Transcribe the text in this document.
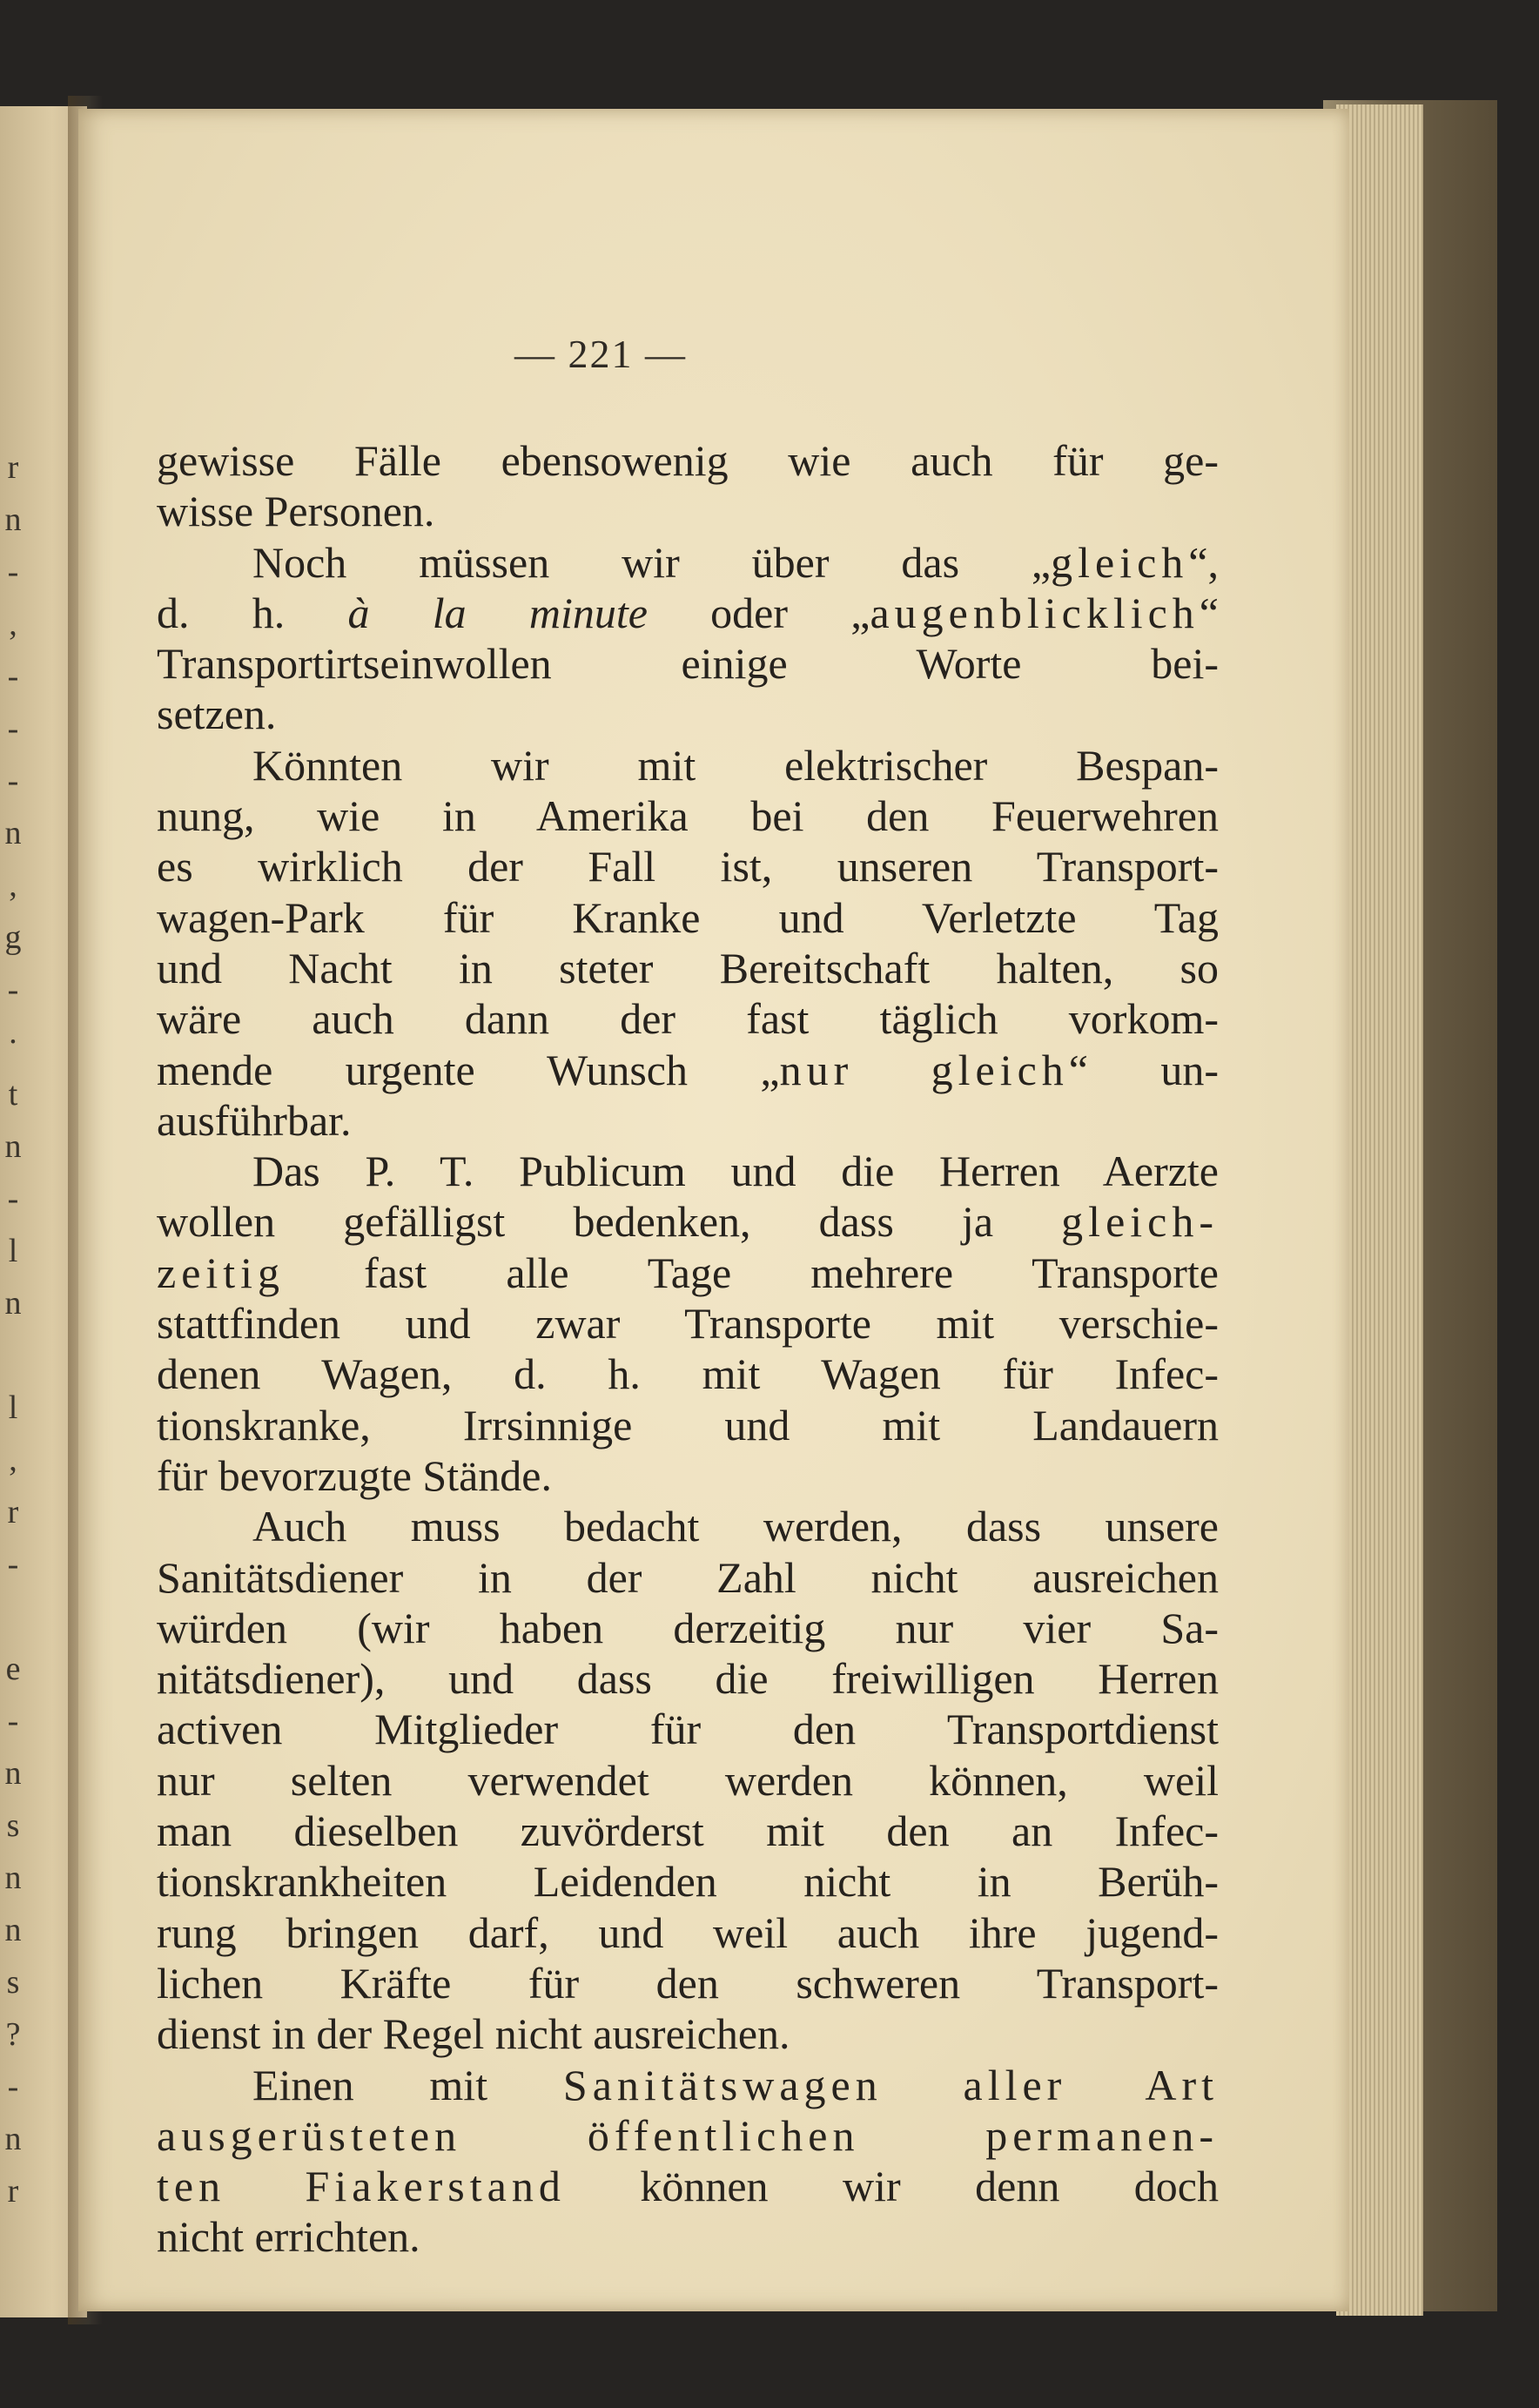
r
n
-
,
-
-
-
n
,
g
-
·
t
n
-
l
n
l
,
r
-
e
-
n
s
n
n
s
?
-
n
r
— 221 —
gewisse Fälle ebensowenig wie auch für ge-
wisse Personen.
Noch müssen wir über das „gleich“,
d. h. à la minute oder „augenblicklich“
Transportirtseinwollen einige Worte bei-
setzen.
Könnten wir mit elektrischer Bespan-
nung, wie in Amerika bei den Feuerwehren
es wirklich der Fall ist, unseren Transport-
wagen-Park für Kranke und Verletzte Tag
und Nacht in steter Bereitschaft halten, so
wäre auch dann der fast täglich vorkom-
mende urgente Wunsch „nur gleich“ un-
ausführbar.
Das P. T. Publicum und die Herren Aerzte
wollen gefälligst bedenken, dass ja gleich-
zeitig fast alle Tage mehrere Transporte
stattfinden und zwar Transporte mit verschie-
denen Wagen, d. h. mit Wagen für Infec-
tionskranke, Irrsinnige und mit Landauern
für bevorzugte Stände.
Auch muss bedacht werden, dass unsere
Sanitätsdiener in der Zahl nicht ausreichen
würden (wir haben derzeitig nur vier Sa-
nitätsdiener), und dass die freiwilligen Herren
activen Mitglieder für den Transportdienst
nur selten verwendet werden können, weil
man dieselben zuvörderst mit den an Infec-
tionskrankheiten Leidenden nicht in Berüh-
rung bringen darf, und weil auch ihre jugend-
lichen Kräfte für den schweren Transport-
dienst in der Regel nicht ausreichen.
Einen mit Sanitätswagen aller Art
ausgerüsteten öffentlichen permanen-
ten Fiakerstand können wir denn doch
nicht errichten.
